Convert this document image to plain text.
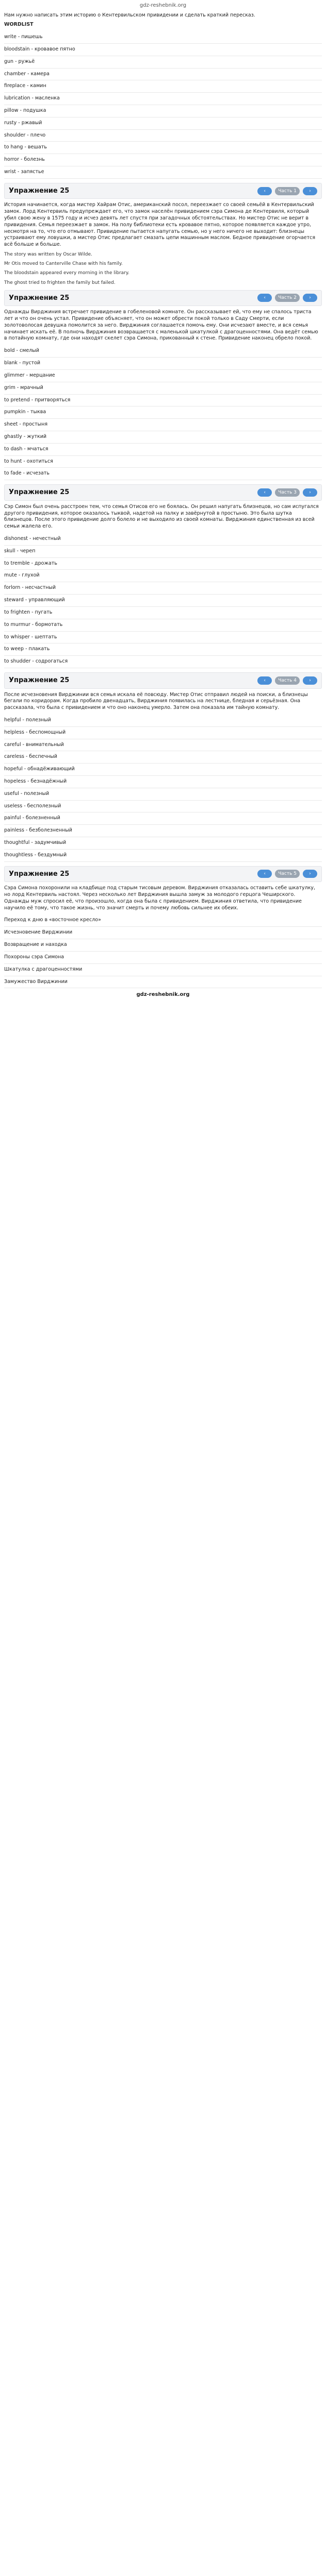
gdz-reshebnik.org

Нам нужно написать этим историю о Кентервильском привидении и сделать краткий пересказ.

WORDLIST
write - пишешь
bloodstain - кровавое пятно
gun - ружьё
chamber - камера
fireplace - камин
lubrication - масленка
pillow - подушка
rusty - ржавый
shoulder - плечо
to hang - вешать
horror - болезнь
wrist - запястье
Упражнение 25	‹	Часть 1	›

История начинается, когда мистер Хайрам Отис, американский посол, переезжает со своей семьёй в Кентервильский замок. Лорд Кентервиль предупреждает его, что замок населён привидением сэра Симона де Кентервиля, который убил свою жену в 1575 году и исчез девять лет спустя при загадочных обстоятельствах. Но мистер Отис не верит в привидения. Семья переезжает в замок. На полу библиотеки есть кровавое пятно, которое появляется каждое утро, несмотря на то, что его отмывают. Привидение пытается напугать семью, но у него ничего не выходит: близнецы устраивают ему ловушки, а мистер Отис предлагает смазать цепи машинным маслом. Бедное привидение огорчается всё больше и больше.

The story was written by Oscar Wilde.

Mr Otis moved to Canterville Chase with his family.

The bloodstain appeared every morning in the library.

The ghost tried to frighten the family but failed.

Упражнение 25	‹	Часть 2	›

Однажды Вирджиния встречает привидение в гобеленовой комнате. Он рассказывает ей, что ему не спалось триста лет и что он очень устал. Привидение объясняет, что он может обрести покой только в Саду Смерти, если золотоволосая девушка помолится за него. Вирджиния соглашается помочь ему. Они исчезают вместе, и вся семья начинает искать её. В полночь Вирджиния возвращается с маленькой шкатулкой с драгоценностями. Она ведёт семью в потайную комнату, где они находят скелет сэра Симона, прикованный к стене. Привидение наконец обрело покой.

bold - смелый
blank - пустой
glimmer - мерцание
grim - мрачный
to pretend - притворяться
pumpkin - тыква
sheet - простыня
ghastly - жуткий
to dash - мчаться
to hunt - охотиться
to fade - исчезать
Упражнение 25	‹	Часть 3	›

Сэр Симон был очень расстроен тем, что семья Отисов его не боялась. Он решил напугать близнецов, но сам испугался другого привидения, которое оказалось тыквой, надетой на палку и завёрнутой в простыню. Это была шутка близнецов. После этого привидение долго болело и не выходило из своей комнаты. Вирджиния единственная из всей семьи жалела его.

dishonest - нечестный
skull - череп
to tremble - дрожать
mute - глухой
forlorn - несчастный
steward - управляющий
to frighten - пугать
to murmur - бормотать
to whisper - шептать
to weep - плакать
to shudder - содрогаться
Упражнение 25	‹	Часть 4	›

После исчезновения Вирджинии вся семья искала её повсюду. Мистер Отис отправил людей на поиски, а близнецы бегали по коридорам. Когда пробило двенадцать, Вирджиния появилась на лестнице, бледная и серьёзная. Она рассказала, что была с привидением и что оно наконец умерло. Затем она показала им тайную комнату.

helpful - полезный
helpless - беспомощный
careful - внимательный
careless - беспечный
hopeful - обнадёживающий
hopeless - безнадёжный
useful - полезный
useless - бесполезный
painful - болезненный
painless - безболезненный
thoughtful - задумчивый
thoughtless - бездумный
Упражнение 25	‹	Часть 5	›

Сэра Симона похоронили на кладбище под старым тисовым деревом. Вирджиния отказалась оставить себе шкатулку, но лорд Кентервиль настоял. Через несколько лет Вирджиния вышла замуж за молодого герцога Чеширского. Однажды муж спросил её, что произошло, когда она была с привидением. Вирджиния ответила, что привидение научило её тому, что такое жизнь, что значит смерть и почему любовь сильнее их обеих.

Переход к дню в «восточное кресло»
Исчезновение Вирджинии
Возвращение и находка
Похороны сэра Симона
Шкатулка с драгоценностями
Замужество Вирджинии
gdz-reshebnik.org
